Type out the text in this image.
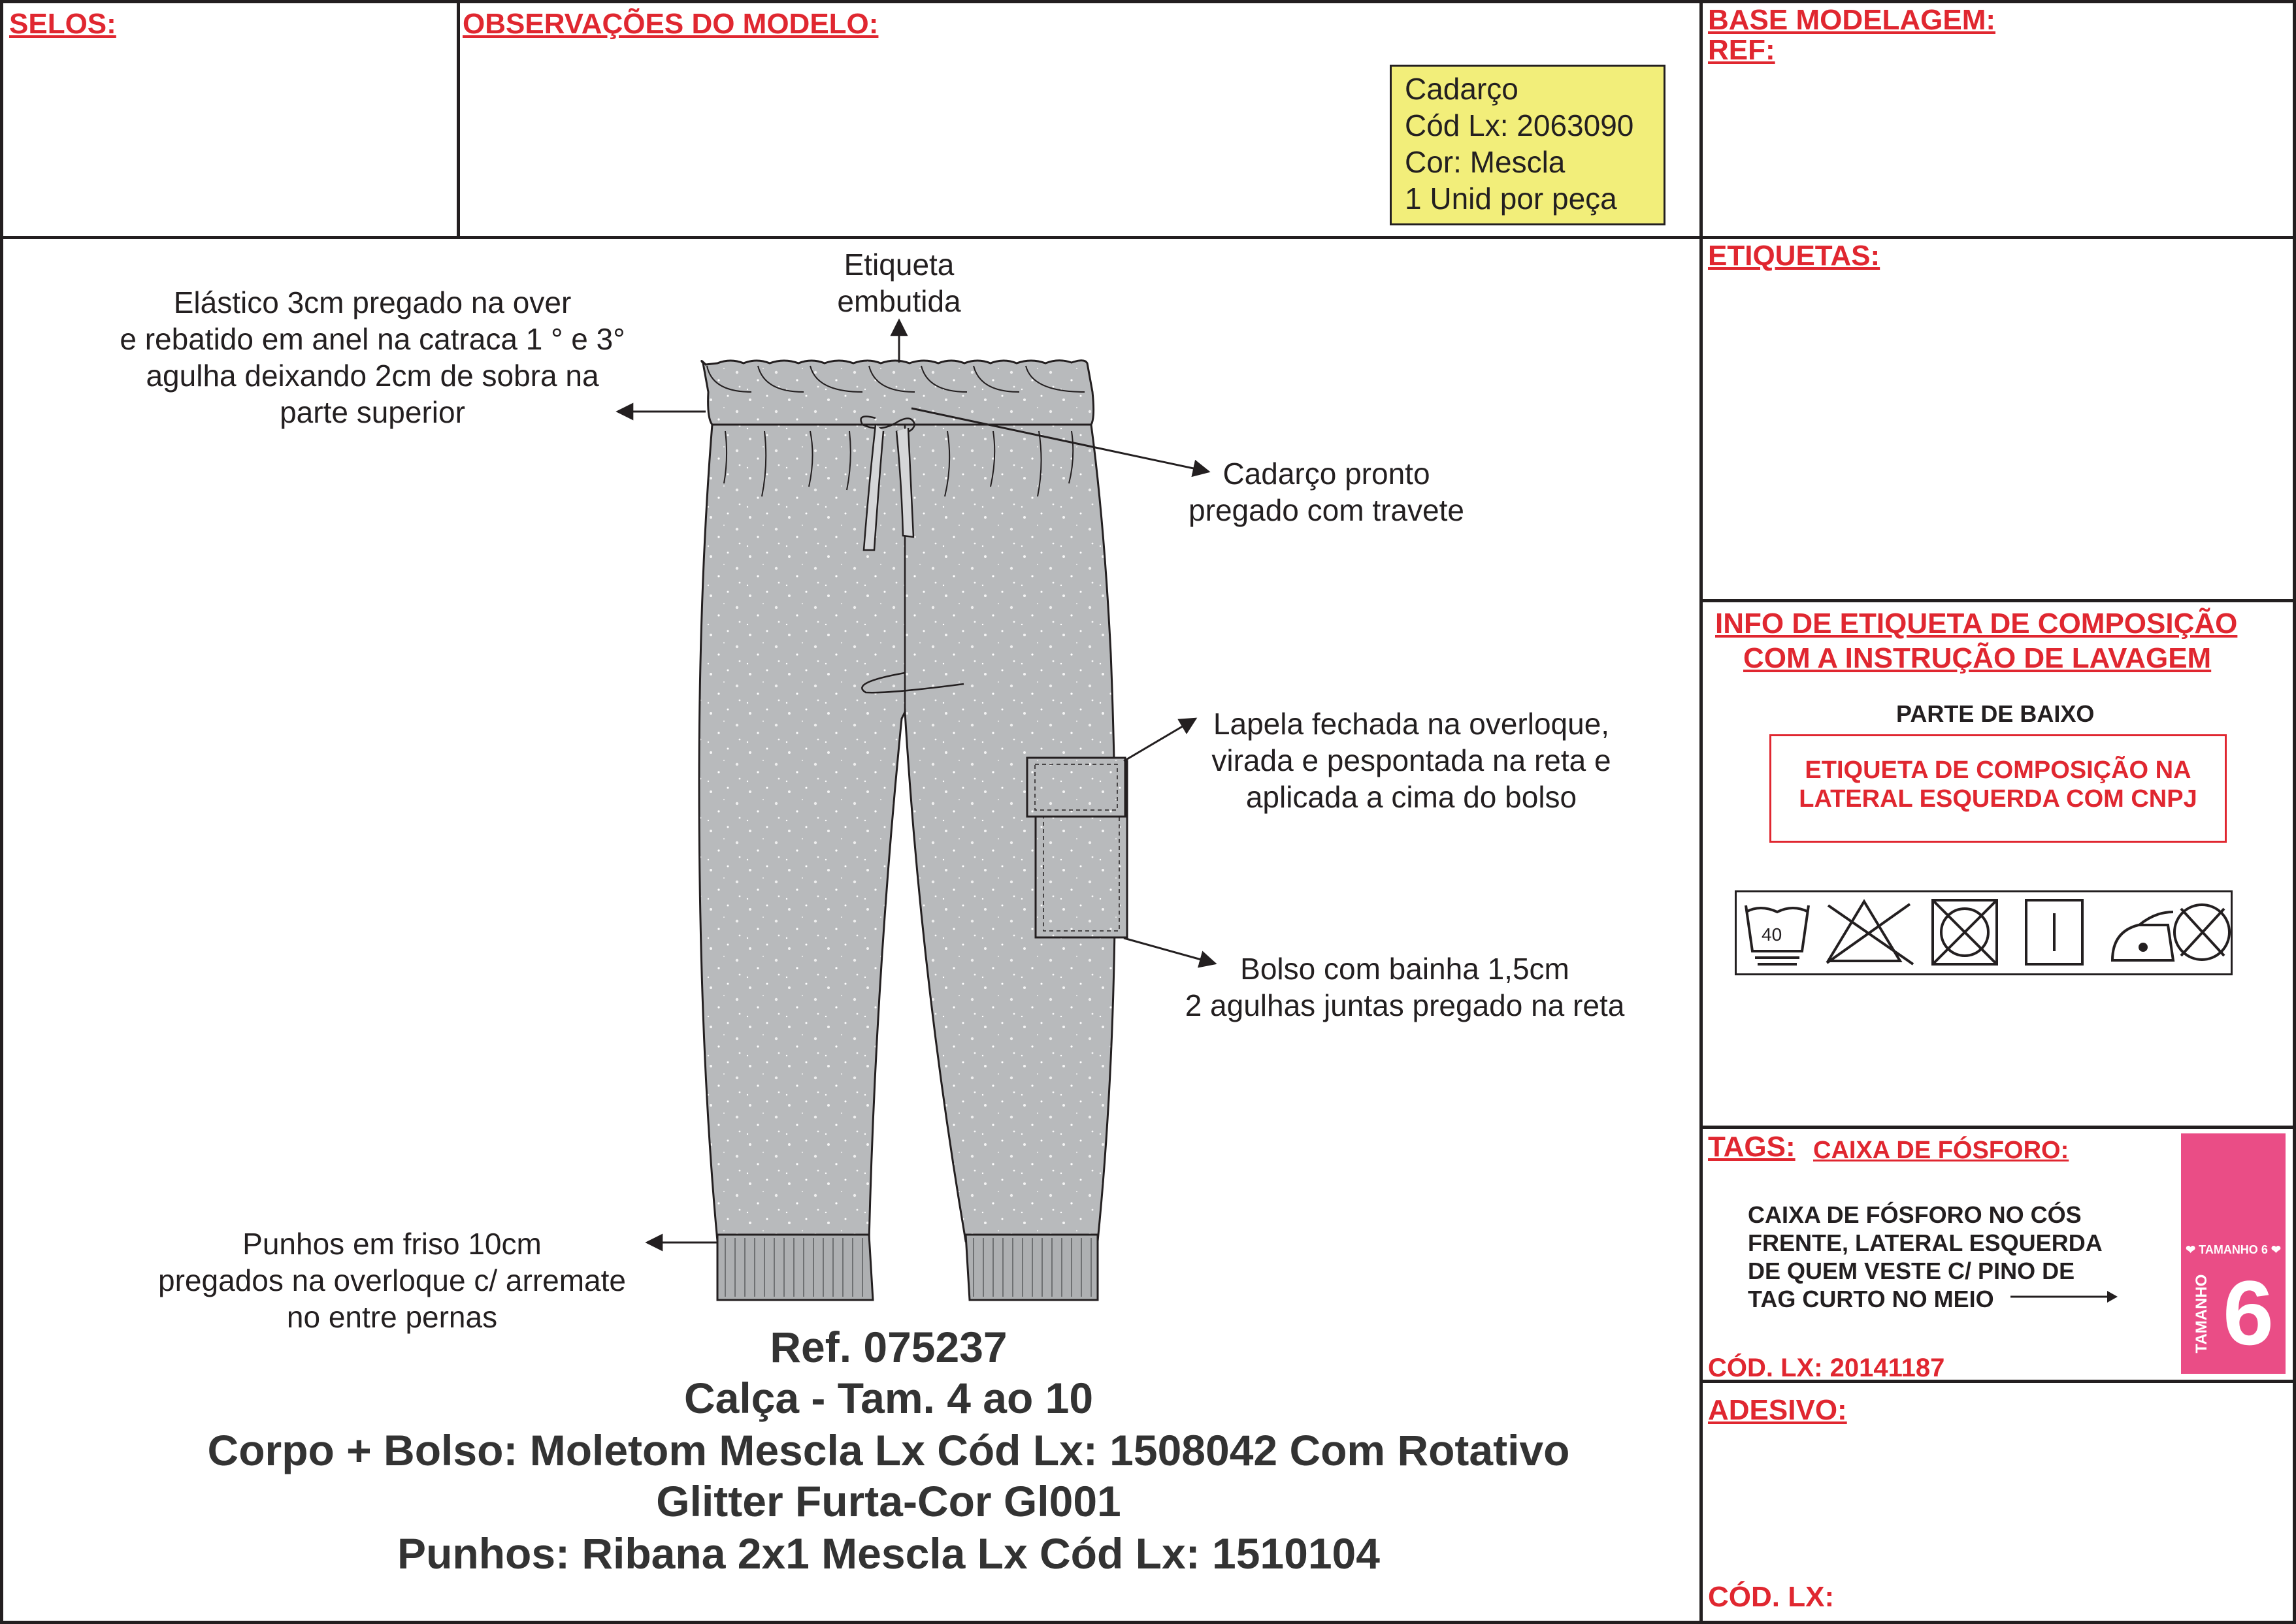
SELOS:	OBSERVAÇÕES DO MODELO:	BASE MODELAGEM:
REF:
Cadarço
Cód Lx: 2063090
Cor: Mescla
1 Unid por peça
Etiqueta
embutida
Elástico 3cm pregado na over
e rebatido em anel na catraca 1 ° e 3°
agulha deixando 2cm de sobra na
parte superior
Cadarço pronto
pregado com travete
Lapela fechada na overloque,
virada e pespontada na reta e
aplicada a cima do bolso
Bolso com bainha 1,5cm
2 agulhas juntas pregado na reta
Punhos em friso 10cm
pregados na overloque c/ arremate
no entre pernas
Ref. 075237
Calça - Tam. 4 ao 10
Corpo + Bolso: Moletom Mescla Lx Cód Lx: 1508042 Com Rotativo
Glitter Furta-Cor Gl001
Punhos: Ribana 2x1 Mescla Lx Cód Lx: 1510104
ETIQUETAS:
INFO DE ETIQUETA DE COMPOSIÇÃO
COM A INSTRUÇÃO DE LAVAGEM
PARTE DE BAIXO
ETIQUETA DE COMPOSIÇÃO NA
LATERAL ESQUERDA COM CNPJ
40
TAGS: CAIXA DE FÓSFORO:
CAIXA DE FÓSFORO NO CÓS
FRENTE, LATERAL ESQUERDA
DE QUEM VESTE C/ PINO DE
TAG CURTO NO MEIO
CÓD. LX: 20141187
❤ TAMANHO 6 ❤
TAMANHO 6
ADESIVO:
CÓD. LX:
